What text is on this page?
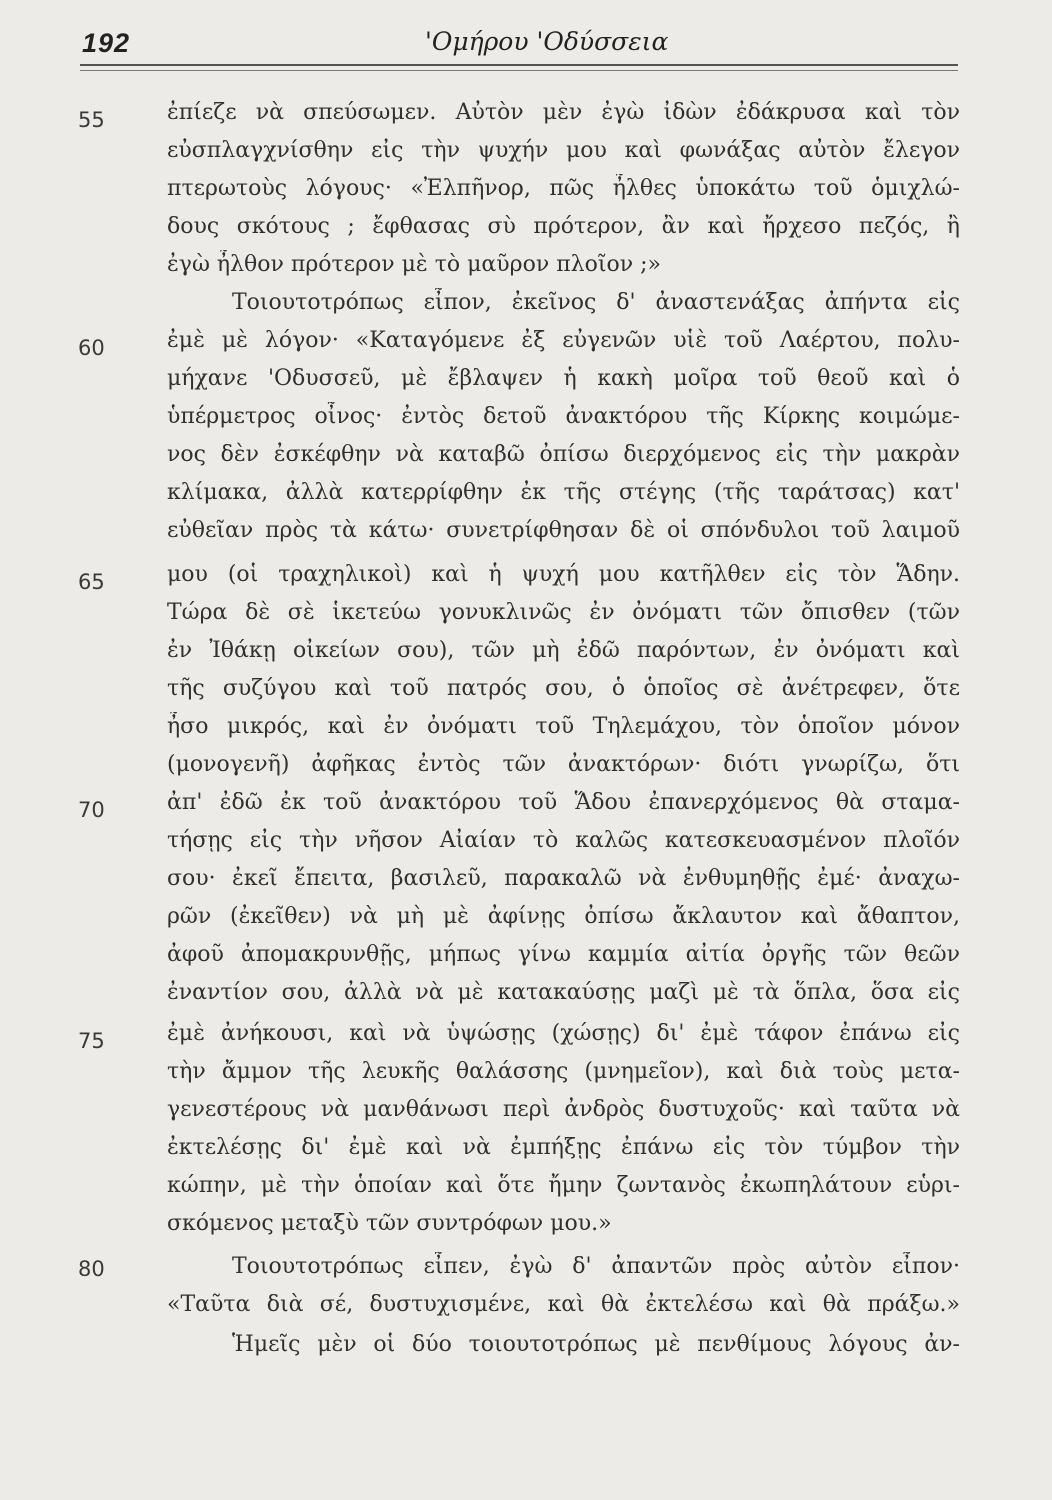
192	'Ομήρου 'Οδύσσεια
55
60
65
70
75
80
ἐπίεζε νὰ σπεύσωμεν. Αὐτὸν μὲν ἐγὼ ἰδὼν ἐδάκρυσα καὶ τὸν
εὐσπλαγχνίσθην εἰς τὴν ψυχήν μου καὶ φωνάξας αὐτὸν ἔλεγον
πτερωτοὺς λόγους· «Ἐλπῆνορ, πῶς ἦλθες ὑποκάτω τοῦ ὁμιχλώ-
δους σκότους ; ἔφθασας σὺ πρότερον, ἂν καὶ ἤρχεσο πεζός, ἢ
ἐγὼ ἦλθον πρότερον μὲ τὸ μαῦρον πλοῖον ;»
Τοιουτοτρόπως εἶπον, ἐκεῖνος δ' ἀναστενάξας ἀπήντα εἰς
ἐμὲ μὲ λόγον· «Καταγόμενε ἐξ εὐγενῶν υἱὲ τοῦ Λαέρτου, πολυ-
μήχανε 'Οδυσσεῦ, μὲ ἔβλαψεν ἡ κακὴ μοῖρα τοῦ θεοῦ καὶ ὁ
ὑπέρμετρος οἶνος· ἐντὸς δετοῦ ἀνακτόρου τῆς Κίρκης κοιμώμε-
νος δὲν ἐσκέφθην νὰ καταβῶ ὀπίσω διερχόμενος εἰς τὴν μακρὰν
κλίμακα, ἀλλὰ κατερρίφθην ἐκ τῆς στέγης (τῆς ταράτσας) κατ'
εὐθεῖαν πρὸς τὰ κάτω· συνετρίφθησαν δὲ οἱ σπόνδυλοι τοῦ λαιμοῦ
μου (οἱ τραχηλικοὶ) καὶ ἡ ψυχή μου κατῆλθεν εἰς τὸν Ἅδην.
Τώρα δὲ σὲ ἱκετεύω γονυκλινῶς ἐν ὀνόματι τῶν ὄπισθεν (τῶν
ἐν Ἰθάκῃ οἰκείων σου), τῶν μὴ ἐδῶ παρόντων, ἐν ὀνόματι καὶ
τῆς συζύγου καὶ τοῦ πατρός σου, ὁ ὁποῖος σὲ ἀνέτρεφεν, ὅτε
ἦσο μικρός, καὶ ἐν ὀνόματι τοῦ Τηλεμάχου, τὸν ὁποῖον μόνον
(μονογενῆ) ἀφῆκας ἐντὸς τῶν ἀνακτόρων· διότι γνωρίζω, ὅτι
ἀπ' ἐδῶ ἐκ τοῦ ἀνακτόρου τοῦ Ἅδου ἐπανερχόμενος θὰ σταμα-
τήσῃς εἰς τὴν νῆσον Αἰαίαν τὸ καλῶς κατεσκευασμένον πλοῖόν
σου· ἐκεῖ ἔπειτα, βασιλεῦ, παρακαλῶ νὰ ἐνθυμηθῇς ἐμέ· ἀναχω-
ρῶν (ἐκεῖθεν) νὰ μὴ μὲ ἀφίνῃς ὀπίσω ἄκλαυτον καὶ ἄθαπτον,
ἀφοῦ ἀπομακρυνθῇς, μήπως γίνω καμμία αἰτία ὀργῆς τῶν θεῶν
ἐναντίον σου, ἀλλὰ νὰ μὲ κατακαύσῃς μαζὶ μὲ τὰ ὅπλα, ὅσα εἰς
ἐμὲ ἀνήκουσι, καὶ νὰ ὑψώσῃς (χώσῃς) δι' ἐμὲ τάφον ἐπάνω εἰς
τὴν ἄμμον τῆς λευκῆς θαλάσσης (μνημεῖον), καὶ διὰ τοὺς μετα-
γενεστέρους νὰ μανθάνωσι περὶ ἀνδρὸς δυστυχοῦς· καὶ ταῦτα νὰ
ἐκτελέσῃς δι' ἐμὲ καὶ νὰ ἐμπήξῃς ἐπάνω εἰς τὸν τύμβον τὴν
κώπην, μὲ τὴν ὁποίαν καὶ ὅτε ἤμην ζωντανὸς ἐκωπηλάτουν εὑρι-
σκόμενος μεταξὺ τῶν συντρόφων μου.»
Τοιουτοτρόπως εἶπεν, ἐγὼ δ' ἀπαντῶν πρὸς αὐτὸν εἶπον·
«Ταῦτα διὰ σέ, δυστυχισμένε, καὶ θὰ ἐκτελέσω καὶ θὰ πράξω.»
Ἡμεῖς μὲν οἱ δύο τοιουτοτρόπως μὲ πενθίμους λόγους ἀν-
